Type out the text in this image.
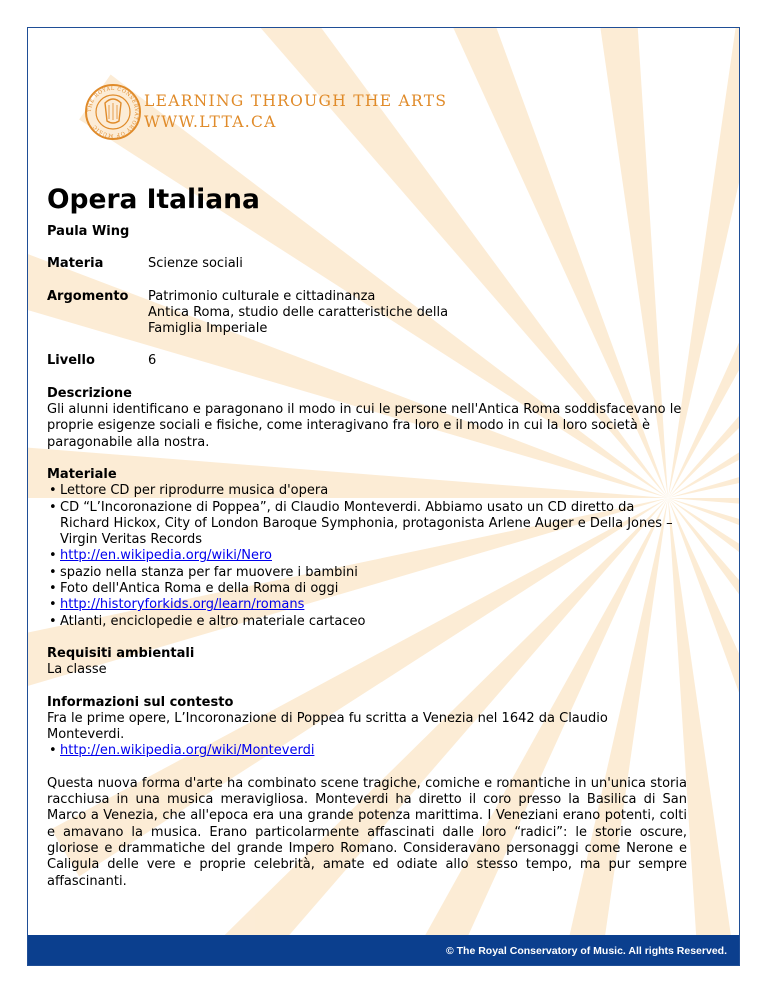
THE ROYAL CONSERVATORY OF MUSIC
LEARNING THROUGH THE ARTS
WWW.LTTA.CA
Opera Italiana
Paula Wing
Materia	Scienze sociali
Argomento	Patrimonio culturale e cittadinanza
Antica Roma, studio delle caratteristiche della
Famiglia Imperiale
Livello	6
Descrizione
Gli alunni identificano e paragonano il modo in cui le persone nell'Antica Roma soddisfacevano le proprie esigenze sociali e fisiche, come interagivano fra loro e il modo in cui la loro società è paragonabile alla nostra.
Materiale
• Lettore CD per riprodurre musica d'opera
• CD “L’Incoronazione di Poppea”, di Claudio Monteverdi. Abbiamo usato un CD diretto da Richard Hickox, City of London Baroque Symphonia, protagonista Arlene Auger e Della Jones – Virgin Veritas Records
• http://en.wikipedia.org/wiki/Nero
• spazio nella stanza per far muovere i bambini
• Foto dell'Antica Roma e della Roma di oggi
• http://historyforkids.org/learn/romans
• Atlanti, enciclopedie e altro materiale cartaceo
Requisiti ambientali
La classe
Informazioni sul contesto
Fra le prime opere, L’Incoronazione di Poppea fu scritta a Venezia nel 1642 da Claudio Monteverdi.
• http://en.wikipedia.org/wiki/Monteverdi
Questa nuova forma d'arte ha combinato scene tragiche, comiche e romantiche in un'unica storia racchiusa in una musica meravigliosa. Monteverdi ha diretto il coro presso la Basilica di San Marco a Venezia, che all'epoca era una grande potenza marittima. I Veneziani erano potenti, colti e amavano la musica. Erano particolarmente affascinati dalle loro “radici”: le storie oscure, gloriose e drammatiche del grande Impero Romano. Consideravano personaggi come Nerone e Caligula delle vere e proprie celebrità, amate ed odiate allo stesso tempo, ma pur sempre affascinanti.
© The Royal Conservatory of Music. All rights Reserved.
